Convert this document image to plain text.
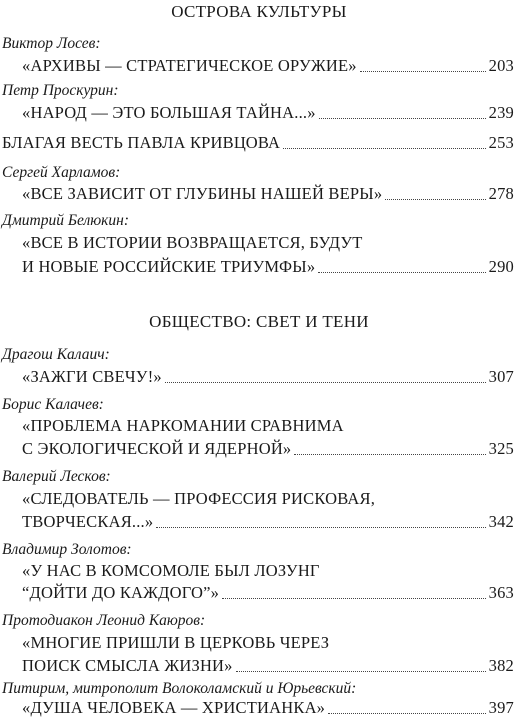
ОСТРОВА КУЛЬТУРЫ
Виктор Лосев:
«АРХИВЫ — СТРАТЕГИЧЕСКОЕ ОРУЖИЕ»	203
Петр Проскурин:
«НАРОД — ЭТО БОЛЬШАЯ ТАЙНА...»	239
БЛАГАЯ ВЕСТЬ ПАВЛА КРИВЦОВА	253
Сергей Харламов:
«ВСЕ ЗАВИСИТ ОТ ГЛУБИНЫ НАШЕЙ ВЕРЫ»	278
Дмитрий Белюкин:
«ВСЕ В ИСТОРИИ ВОЗВРАЩАЕТСЯ, БУДУТ
И НОВЫЕ РОССИЙСКИЕ ТРИУМФЫ»	290
ОБЩЕСТВО: СВЕТ И ТЕНИ
Драгош Калаич:
«ЗАЖГИ СВЕЧУ!»	307
Борис Калачев:
«ПРОБЛЕМА НАРКОМАНИИ СРАВНИМА
С ЭКОЛОГИЧЕСКОЙ И ЯДЕРНОЙ»	325
Валерий Лесков:
«СЛЕДОВАТЕЛЬ — ПРОФЕССИЯ РИСКОВАЯ,
ТВОРЧЕСКАЯ...»	342
Владимир Золотов:
«У НАС В КОМСОМОЛЕ БЫЛ ЛОЗУНГ
“ДОЙТИ ДО КАЖДОГО”»	363
Протодиакон Леонид Каюров:
«МНОГИЕ ПРИШЛИ В ЦЕРКОВЬ ЧЕРЕЗ
ПОИСК СМЫСЛА ЖИЗНИ»	382
Питирим, митрополит Волоколамский и Юрьевский:
«ДУША ЧЕЛОВЕКА — ХРИСТИАНКА»	397
